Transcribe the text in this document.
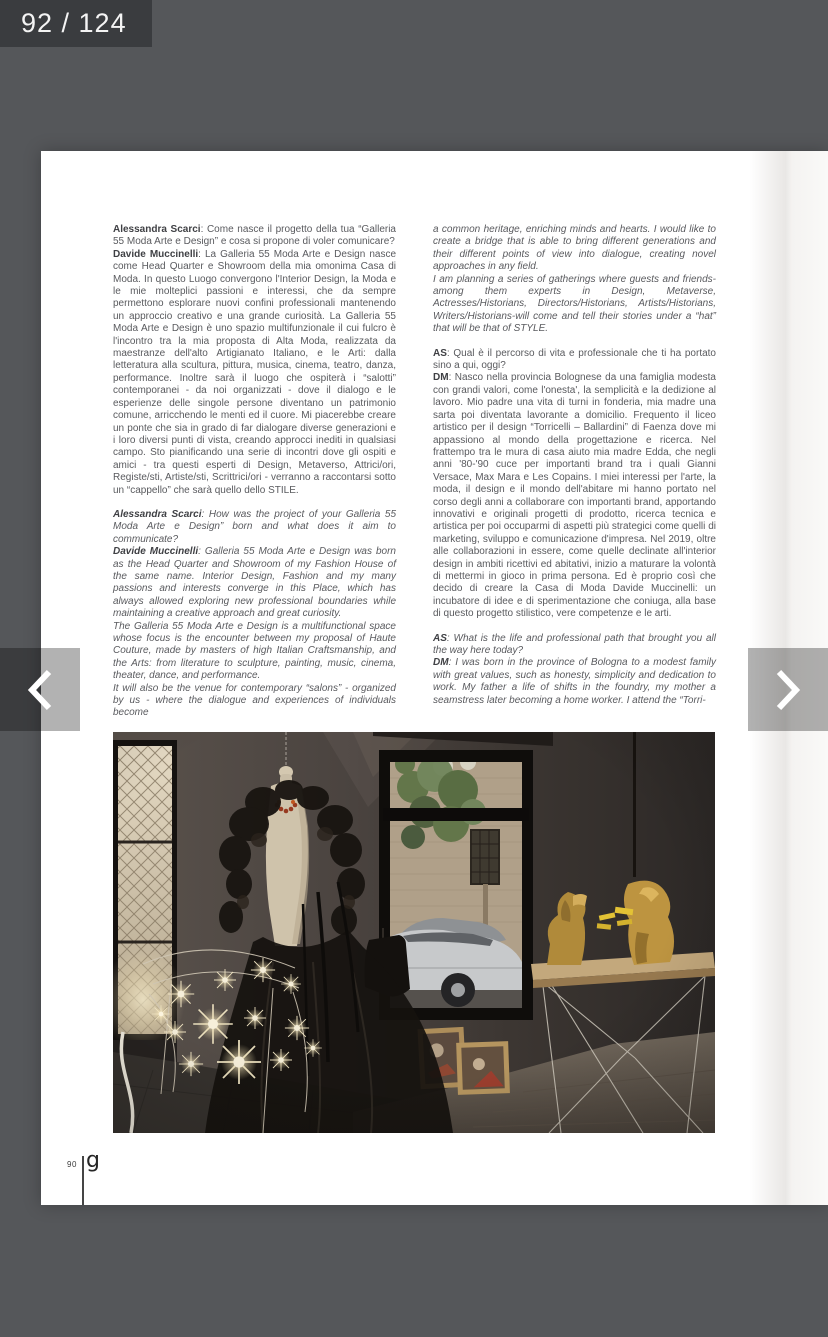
92 / 124

Alessandra Scarci: Come nasce il progetto della tua “Galleria 55 Moda Arte e Design” e cosa si propone di voler comunicare?

Davide Muccinelli: La Galleria 55 Moda Arte e Design nasce come Head Quarter e Showroom della mia omonima Casa di Moda. In questo Luogo convergono l'Interior Design, la Moda e le mie molteplici passioni e interessi, che da sempre permettono esplorare nuovi confini professionali mantenendo un approccio creativo e una grande curiosità. La Galleria 55 Moda Arte e Design è uno spazio multifunzionale il cui fulcro è l'incontro tra la mia proposta di Alta Moda, realizzata da maestranze dell'alto Artigianato Italiano, e le Arti: dalla letteratura alla scultura, pittura, musica, cinema, teatro, danza, performance. Inoltre sarà il luogo che ospiterà i “salotti” contemporanei - da noi organizzati - dove il dialogo e le esperienze delle singole persone diventano un patrimonio comune, arricchendo le menti ed il cuore. Mi piacerebbe creare un ponte che sia in grado di far dialogare diverse generazioni e i loro diversi punti di vista, creando approcci inediti in qualsiasi campo. Sto pianificando una serie di incontri dove gli ospiti e amici - tra questi esperti di Design, Metaverso, Attrici/ori, Registe/sti, Artiste/sti, Scrittrici/ori - verranno a raccontarsi sotto un “cappello” che sarà quello dello STILE.

Alessandra Scarci: How was the project of your Galleria 55 Moda Arte e Design” born and what does it aim to communicate?

Davide Muccinelli: Galleria 55 Moda Arte e Design was born as the Head Quarter and Showroom of my Fashion House of the same name. Interior Design, Fashion and my many passions and interests converge in this Place, which has always allowed exploring new professional boundaries while maintaining a creative approach and great curiosity.

The Galleria 55 Moda Arte e Design is a multifunctional space whose focus is the encounter between my proposal of Haute Couture, made by masters of high Italian Craftsmanship, and the Arts: from literature to sculpture, painting, music, cinema, theater, dance, and performance.

It will also be the venue for contemporary “salons” - organized by us - where the dialogue and experiences of individuals become

a common heritage, enriching minds and hearts. I would like to create a bridge that is able to bring different generations and their different points of view into dialogue, creating novel approaches in any field.

I am planning a series of gatherings where guests and friends-among them experts in Design, Metaverse, Actresses/Historians, Directors/Historians, Artists/Historians, Writers/Historians-will come and tell their stories under a “hat” that will be that of STYLE.

AS: Qual è il percorso di vita e professionale che ti ha portato sino a qui, oggi?

DM: Nasco nella provincia Bolognese da una famiglia modesta con grandi valori, come l'onesta', la semplicità e la dedizione al lavoro. Mio padre una vita di turni in fonderia, mia madre una sarta poi diventata lavorante a domicilio. Frequento il liceo artistico per il design “Torricelli – Ballardini” di Faenza dove mi appassiono al mondo della progettazione e ricerca. Nel frattempo tra le mura di casa aiuto mia madre Edda, che negli anni '80-'90 cuce per importanti brand tra i quali Gianni Versace, Max Mara e Les Copains. I miei interessi per l'arte, la moda, il design e il mondo dell'abitare mi hanno portato nel corso degli anni a collaborare con importanti brand, apportando innovativi e originali progetti di prodotto, ricerca tecnica e artistica per poi occuparmi di aspetti più strategici come quelli di marketing, sviluppo e comunicazione d'impresa. Nel 2019, oltre alle collaborazioni in essere, come quelle declinate all'interior design in ambiti ricettivi ed abitativi, inizio a maturare la volontà di mettermi in gioco in prima persona. Ed è proprio così che decido di creare la Casa di Moda Davide Muccinelli: un incubatore di idee e di sperimentazione che coniuga, alla base di questo progetto stilistico, vere competenze e le arti.

AS: What is the life and professional path that brought you all the way here today?

DM: I was born in the province of Bologna to a modest family with great values, such as honesty, simplicity and dedication to work. My father a life of shifts in the foundry, my mother a seamstress later becoming a home worker. I attend the “Torri-

90 g
